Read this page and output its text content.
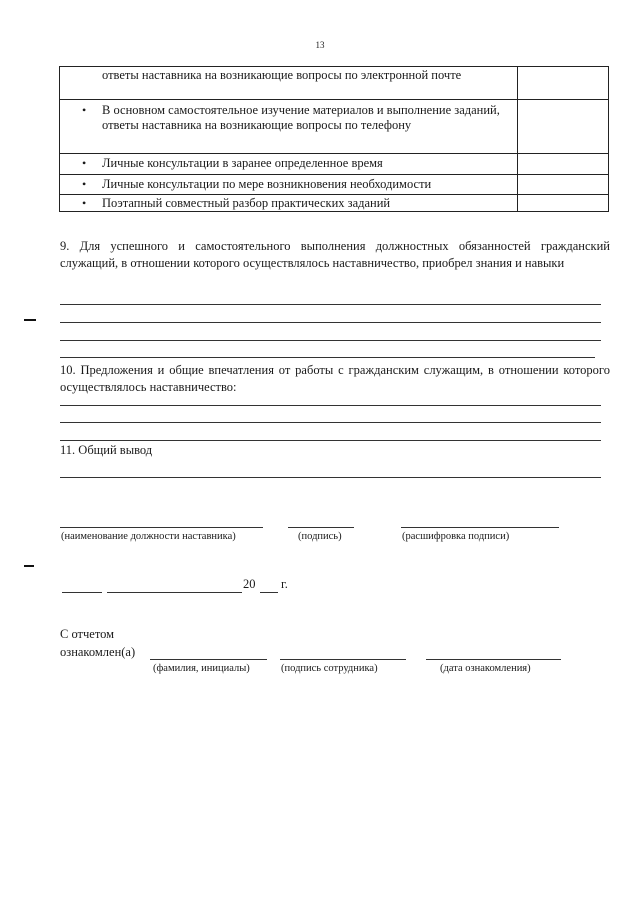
13
ответы наставника на возникающие вопросы по электронной почте
• В основном самостоятельное изучение материалов и выполнение заданий, ответы наставника на возникающие вопросы по телефону
• Личные консультации в заранее определенное время
• Личные консультации по мере возникновения необходимости
• Поэтапный совместный разбор практических заданий
9. Для успешного и самостоятельного выполнения должностных обязанностей гражданский служащий, в отношении которого осуществлялось наставничество, приобрел знания и навыки
10. Предложения и общие впечатления от работы с гражданским служащим, в отношении которого осуществлялось наставничество:
11. Общий вывод
(наименование должности наставника)	(подпись)	(расшифровка подписи)
20 г.
С отчетом
ознакомлен(а)
(фамилия, инициалы)	(подпись сотрудника)	(дата ознакомления)
